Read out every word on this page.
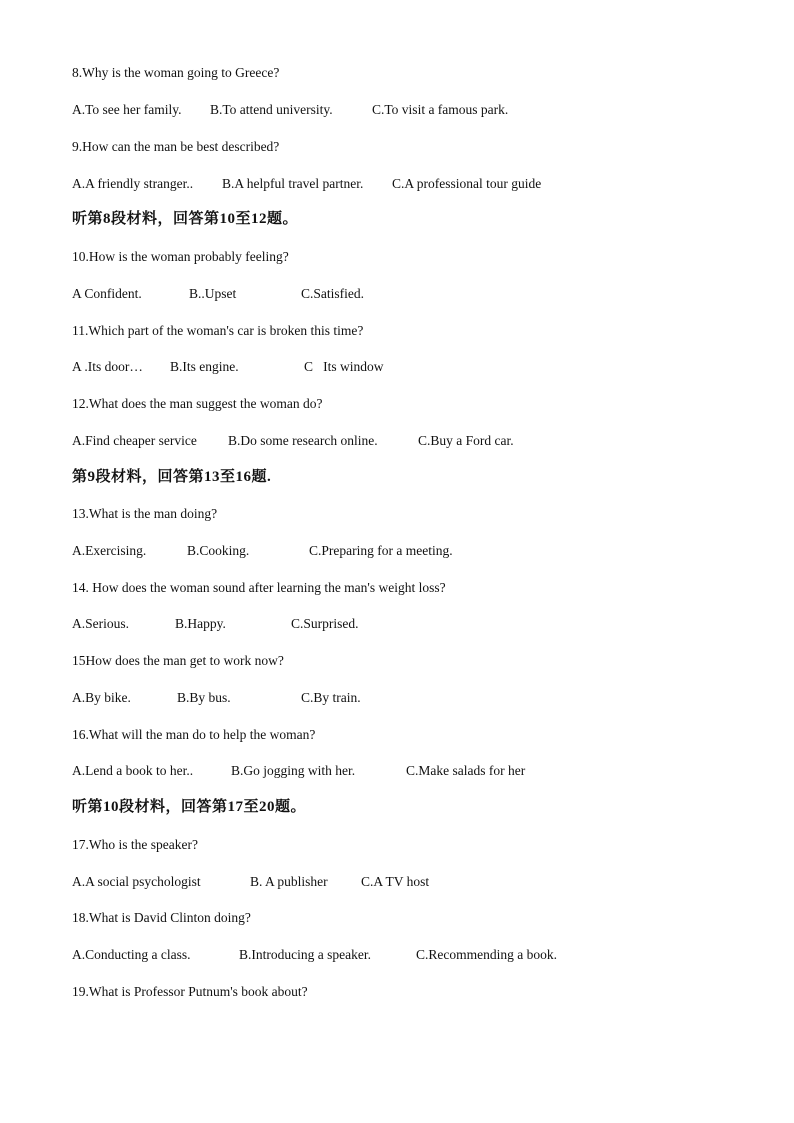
8.Why is the woman going to Greece?
A.To see her family. B.To attend university.	C.To visit a famous park.
9.How can the man be best described?
A.A friendly stranger.. B.A helpful travel partner. C.A professional tour guide
听第8段材料，回答第10至12题。
10.How is the woman probably feeling?
A Confident.	B..Upset	C.Satisfied.
11.Which part of the woman's car is broken this time?
A .Its door… B.Its engine.	C   Its window
12.What does the man suggest the woman do?
A.Find cheaper service B.Do some research online.	C.Buy a Ford car.
第9段材料，回答第13至16题.
13.What is the man doing?
A.Exercising.	B.Cooking.	C.Preparing for a meeting.
14. How does the woman sound after learning the man's weight loss?
A.Serious.	B.Happy.	C.Surprised.
15How does the man get to work now?
A.By bike.	B.By bus.	C.By train.
16.What will the man do to help the woman?
A.Lend a book to her..	B.Go jogging with her.	C.Make salads for her
听第10段材料，回答第17至20题。
17.Who is the speaker?
A.A social psychologist	B. A publisher C.A TV host
18.What is David Clinton doing?
A.Conducting a class.	B.Introducing a speaker.	C.Recommending a book.
19.What is Professor Putnum's book about?
